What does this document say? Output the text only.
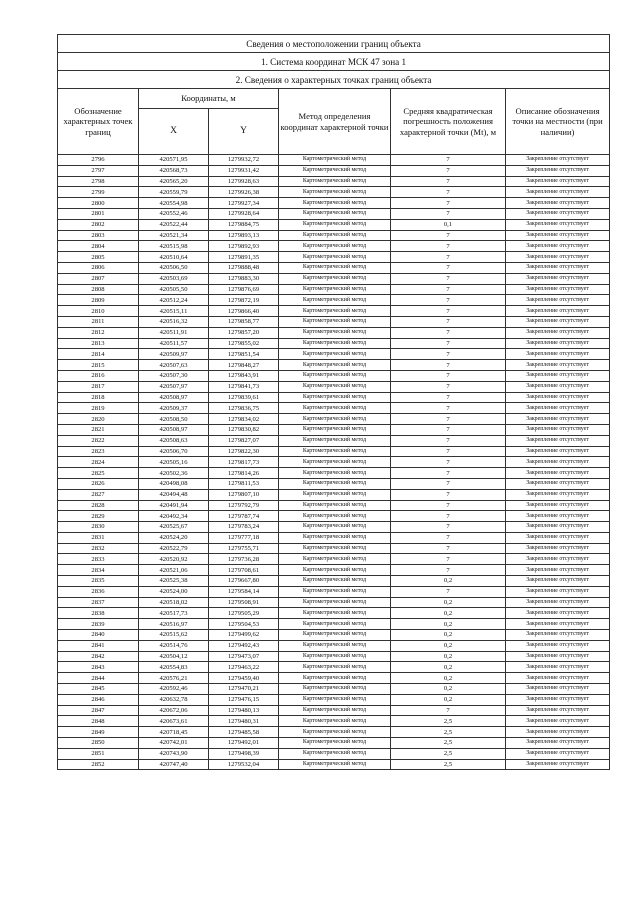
Сведения о местоположении границ объекта					
1. Система координат МСК 47 зона 1					
2. Сведения о характерных точках границ объекта					
Обозначение характерных точек границ	Координаты, м		Метод определения координат характерной точки	Средняя квадратическая погрешность положения характерной точки (Mt), м	Описание обозначения точки на местности (при наличии)
	X	Y			
2796	420571,95	1279932,72	Картометрический метод	7	Закрепление отсутствует
2797	420568,73	1279931,42	Картометрический метод	7	Закрепление отсутствует
2798	420565,20	1279928,63	Картометрический метод	7	Закрепление отсутствует
2799	420559,79	1279926,38	Картометрический метод	7	Закрепление отсутствует
2800	420554,98	1279927,34	Картометрический метод	7	Закрепление отсутствует
2801	420552,46	1279928,64	Картометрический метод	7	Закрепление отсутствует
2802	420522,44	1279884,75	Картометрический метод	0,1	Закрепление отсутствует
2803	420521,34	1279893,13	Картометрический метод	7	Закрепление отсутствует
2804	420515,98	1279892,93	Картометрический метод	7	Закрепление отсутствует
2805	420510,64	1279891,35	Картометрический метод	7	Закрепление отсутствует
2806	420506,50	1279888,48	Картометрический метод	7	Закрепление отсутствует
2807	420503,69	1279883,30	Картометрический метод	7	Закрепление отсутствует
2808	420505,50	1279876,69	Картометрический метод	7	Закрепление отсутствует
2809	420512,24	1279872,19	Картометрический метод	7	Закрепление отсутствует
2810	420515,11	1279866,40	Картометрический метод	7	Закрепление отсутствует
2811	420516,32	1279858,77	Картометрический метод	7	Закрепление отсутствует
2812	420511,91	1279857,20	Картометрический метод	7	Закрепление отсутствует
2813	420511,57	1279855,02	Картометрический метод	7	Закрепление отсутствует
2814	420509,97	1279851,54	Картометрический метод	7	Закрепление отсутствует
2815	420507,63	1279848,27	Картометрический метод	7	Закрепление отсутствует
2816	420507,30	1279843,91	Картометрический метод	7	Закрепление отсутствует
2817	420507,97	1279841,73	Картометрический метод	7	Закрепление отсутствует
2818	420508,97	1279839,61	Картометрический метод	7	Закрепление отсутствует
2819	420509,37	1279836,75	Картометрический метод	7	Закрепление отсутствует
2820	420508,50	1279834,02	Картометрический метод	7	Закрепление отсутствует
2821	420508,97	1279830,82	Картометрический метод	7	Закрепление отсутствует
2822	420508,63	1279827,07	Картометрический метод	7	Закрепление отсутствует
2823	420506,70	1279822,30	Картометрический метод	7	Закрепление отсутствует
2824	420505,16	1279817,73	Картометрический метод	7	Закрепление отсутствует
2825	420502,36	1279814,26	Картометрический метод	7	Закрепление отсутствует
2826	420498,08	1279811,53	Картометрический метод	7	Закрепление отсутствует
2827	420494,48	1279807,10	Картометрический метод	7	Закрепление отсутствует
2828	420491,94	1279792,79	Картометрический метод	7	Закрепление отсутствует
2829	420492,34	1279787,74	Картометрический метод	7	Закрепление отсутствует
2830	420525,67	1279783,24	Картометрический метод	7	Закрепление отсутствует
2831	420524,20	1279777,18	Картометрический метод	7	Закрепление отсутствует
2832	420522,79	1279755,71	Картометрический метод	7	Закрепление отсутствует
2833	420520,92	1279736,28	Картометрический метод	7	Закрепление отсутствует
2834	420521,06	1279708,61	Картометрический метод	7	Закрепление отсутствует
2835	420525,38	1279667,80	Картометрический метод	0,2	Закрепление отсутствует
2836	420524,00	1279584,14	Картометрический метод	7	Закрепление отсутствует
2837	420518,02	1279508,91	Картометрический метод	0,2	Закрепление отсутствует
2838	420517,73	1279505,29	Картометрический метод	0,2	Закрепление отсутствует
2839	420516,97	1279504,53	Картометрический метод	0,2	Закрепление отсутствует
2840	420515,62	1279499,62	Картометрический метод	0,2	Закрепление отсутствует
2841	420514,76	1279492,43	Картометрический метод	0,2	Закрепление отсутствует
2842	420504,12	1279473,07	Картометрический метод	0,2	Закрепление отсутствует
2843	420554,83	1279463,22	Картометрический метод	0,2	Закрепление отсутствует
2844	420576,21	1279459,40	Картометрический метод	0,2	Закрепление отсутствует
2845	420592,46	1279470,21	Картометрический метод	0,2	Закрепление отсутствует
2846	420632,78	1279476,15	Картометрический метод	0,2	Закрепление отсутствует
2847	420672,06	1279480,13	Картометрический метод	7	Закрепление отсутствует
2848	420673,61	1279480,31	Картометрический метод	2,5	Закрепление отсутствует
2849	420718,45	1279485,58	Картометрический метод	2,5	Закрепление отсутствует
2850	420742,01	1279492,01	Картометрический метод	2,5	Закрепление отсутствует
2851	420743,90	1279498,39	Картометрический метод	2,5	Закрепление отсутствует
2852	420747,40	1279532,04	Картометрический метод	2,5	Закрепление отсутствует
